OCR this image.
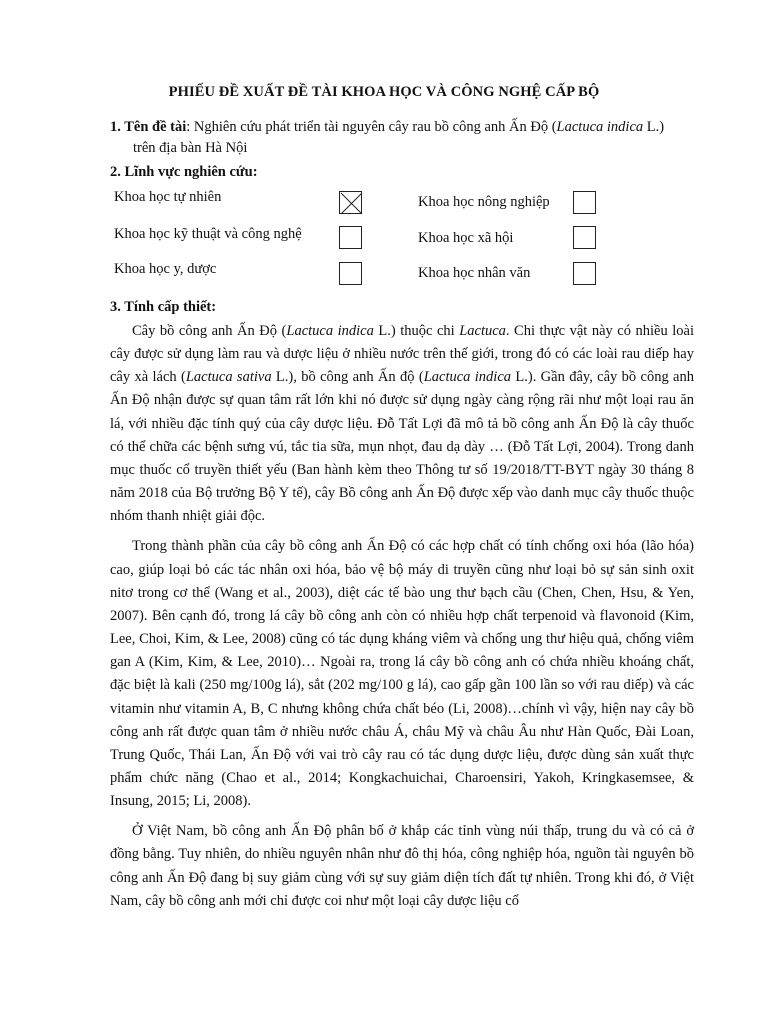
PHIẾU ĐỀ XUẤT ĐỀ TÀI KHOA HỌC VÀ CÔNG NGHỆ CẤP BỘ
1. Tên đề tài: Nghiên cứu phát triển tài nguyên cây rau bồ công anh Ấn Độ (Lactuca indica L.)
trên địa bàn Hà Nội
2. Lĩnh vực nghiên cứu:
Khoa học tự nhiên	Khoa học nông nghiệp
Khoa học kỹ thuật và công nghệ	Khoa học xã hội
Khoa học y, dược	Khoa học nhân văn
3. Tính cấp thiết:

Cây bồ công anh Ấn Độ (Lactuca indica L.) thuộc chi Lactuca. Chi thực vật này có nhiều loài cây được sử dụng làm rau và dược liệu ở nhiều nước trên thế giới, trong đó có các loài rau diếp hay cây xà lách (Lactuca sativa L.), bồ công anh Ấn độ (Lactuca indica L.). Gần đây, cây bồ công anh Ấn Độ nhận được sự quan tâm rất lớn khi nó được sử dụng ngày càng rộng rãi như một loại rau ăn lá, với nhiều đặc tính quý của cây dược liệu. Đỗ Tất Lợi đã mô tả bồ công anh Ấn Độ là cây thuốc có thể chữa các bệnh sưng vú, tắc tia sữa, mụn nhọt, đau dạ dày … (Đỗ Tất Lợi, 2004). Trong danh mục thuốc cổ truyền thiết yếu (Ban hành kèm theo Thông tư số 19/2018/TT-BYT ngày 30 tháng 8 năm 2018 của Bộ trưởng Bộ Y tế), cây Bồ công anh Ấn Độ được xếp vào danh mục cây thuốc thuộc nhóm thanh nhiệt giải độc.

Trong thành phần của cây bồ công anh Ấn Độ có các hợp chất có tính chống oxi hóa (lão hóa) cao, giúp loại bỏ các tác nhân oxi hóa, bảo vệ bộ máy di truyền cũng như loại bỏ sự sản sinh oxit nitơ trong cơ thể (Wang et al., 2003), diệt các tế bào ung thư bạch cầu (Chen, Chen, Hsu, & Yen, 2007). Bên cạnh đó, trong lá cây bồ công anh còn có nhiều hợp chất terpenoid và flavonoid (Kim, Lee, Choi, Kim, & Lee, 2008) cũng có tác dụng kháng viêm và chống ung thư hiệu quả, chống viêm gan A (Kim, Kim, & Lee, 2010)… Ngoài ra, trong lá cây bồ công anh có chứa nhiều khoáng chất, đặc biệt là kali (250 mg/100g lá), sắt (202 mg/100 g lá), cao gấp gần 100 lần so với rau diếp) và các vitamin như vitamin A, B, C nhưng không chứa chất béo (Li, 2008)…chính vì vậy, hiện nay cây bồ công anh rất được quan tâm ở nhiều nước châu Á, châu Mỹ và châu Âu như Hàn Quốc, Đài Loan, Trung Quốc, Thái Lan, Ấn Độ với vai trò cây rau có tác dụng dược liệu, được dùng sản xuất thực phẩm chức năng (Chao et al., 2014; Kongkachuichai, Charoensiri, Yakoh, Kringkasemsee, & Insung, 2015; Li, 2008).

Ở Việt Nam, bồ công anh Ấn Độ phân bố ở khắp các tỉnh vùng núi thấp, trung du và có cả ở đồng bằng. Tuy nhiên, do nhiều nguyên nhân như đô thị hóa, công nghiệp hóa, nguồn tài nguyên bồ công anh Ấn Độ đang bị suy giảm cùng với sự suy giảm diện tích đất tự nhiên. Trong khi đó, ở Việt Nam, cây bồ công anh mới chỉ được coi như một loại cây dược liệu cổ
